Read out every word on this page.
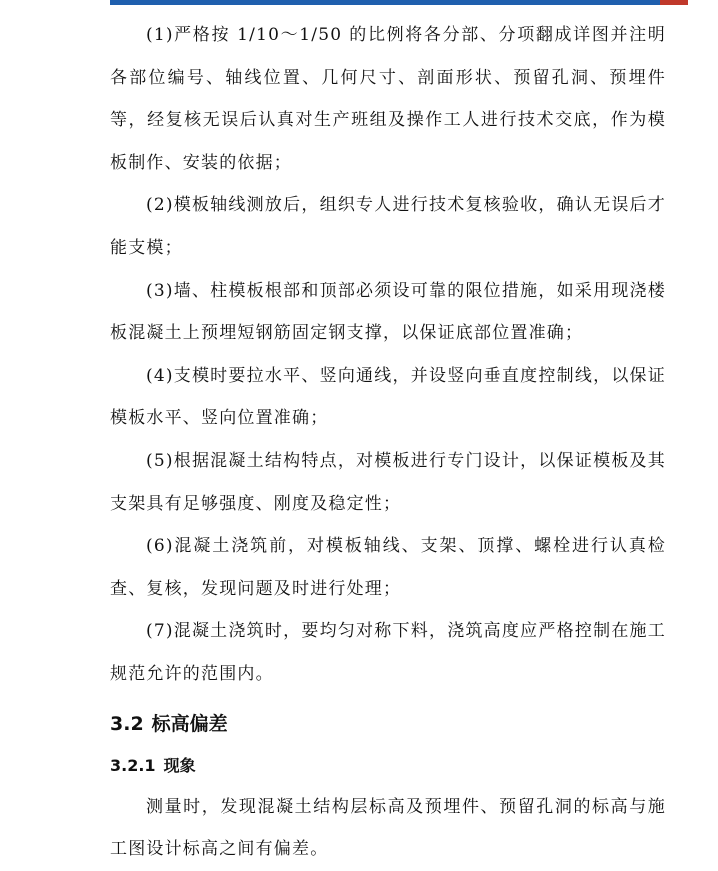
(1)严格按 1/10～1/50 的比例将各分部、分项翻成详图并注明各部位编号、轴线位置、几何尺寸、剖面形状、预留孔洞、预埋件等，经复核无误后认真对生产班组及操作工人进行技术交底，作为模板制作、安装的依据；

(2)模板轴线测放后，组织专人进行技术复核验收，确认无误后才能支模；

(3)墙、柱模板根部和顶部必须设可靠的限位措施，如采用现浇楼板混凝土上预埋短钢筋固定钢支撑，以保证底部位置准确；

(4)支模时要拉水平、竖向通线，并设竖向垂直度控制线，以保证模板水平、竖向位置准确；

(5)根据混凝土结构特点，对模板进行专门设计，以保证模板及其支架具有足够强度、刚度及稳定性；

(6)混凝土浇筑前，对模板轴线、支架、顶撑、螺栓进行认真检查、复核，发现问题及时进行处理；

(7)混凝土浇筑时，要均匀对称下料，浇筑高度应严格控制在施工规范允许的范围内。

3.2 标高偏差
3.2.1 现象

测量时，发现混凝土结构层标高及预埋件、预留孔洞的标高与施工图设计标高之间有偏差。
